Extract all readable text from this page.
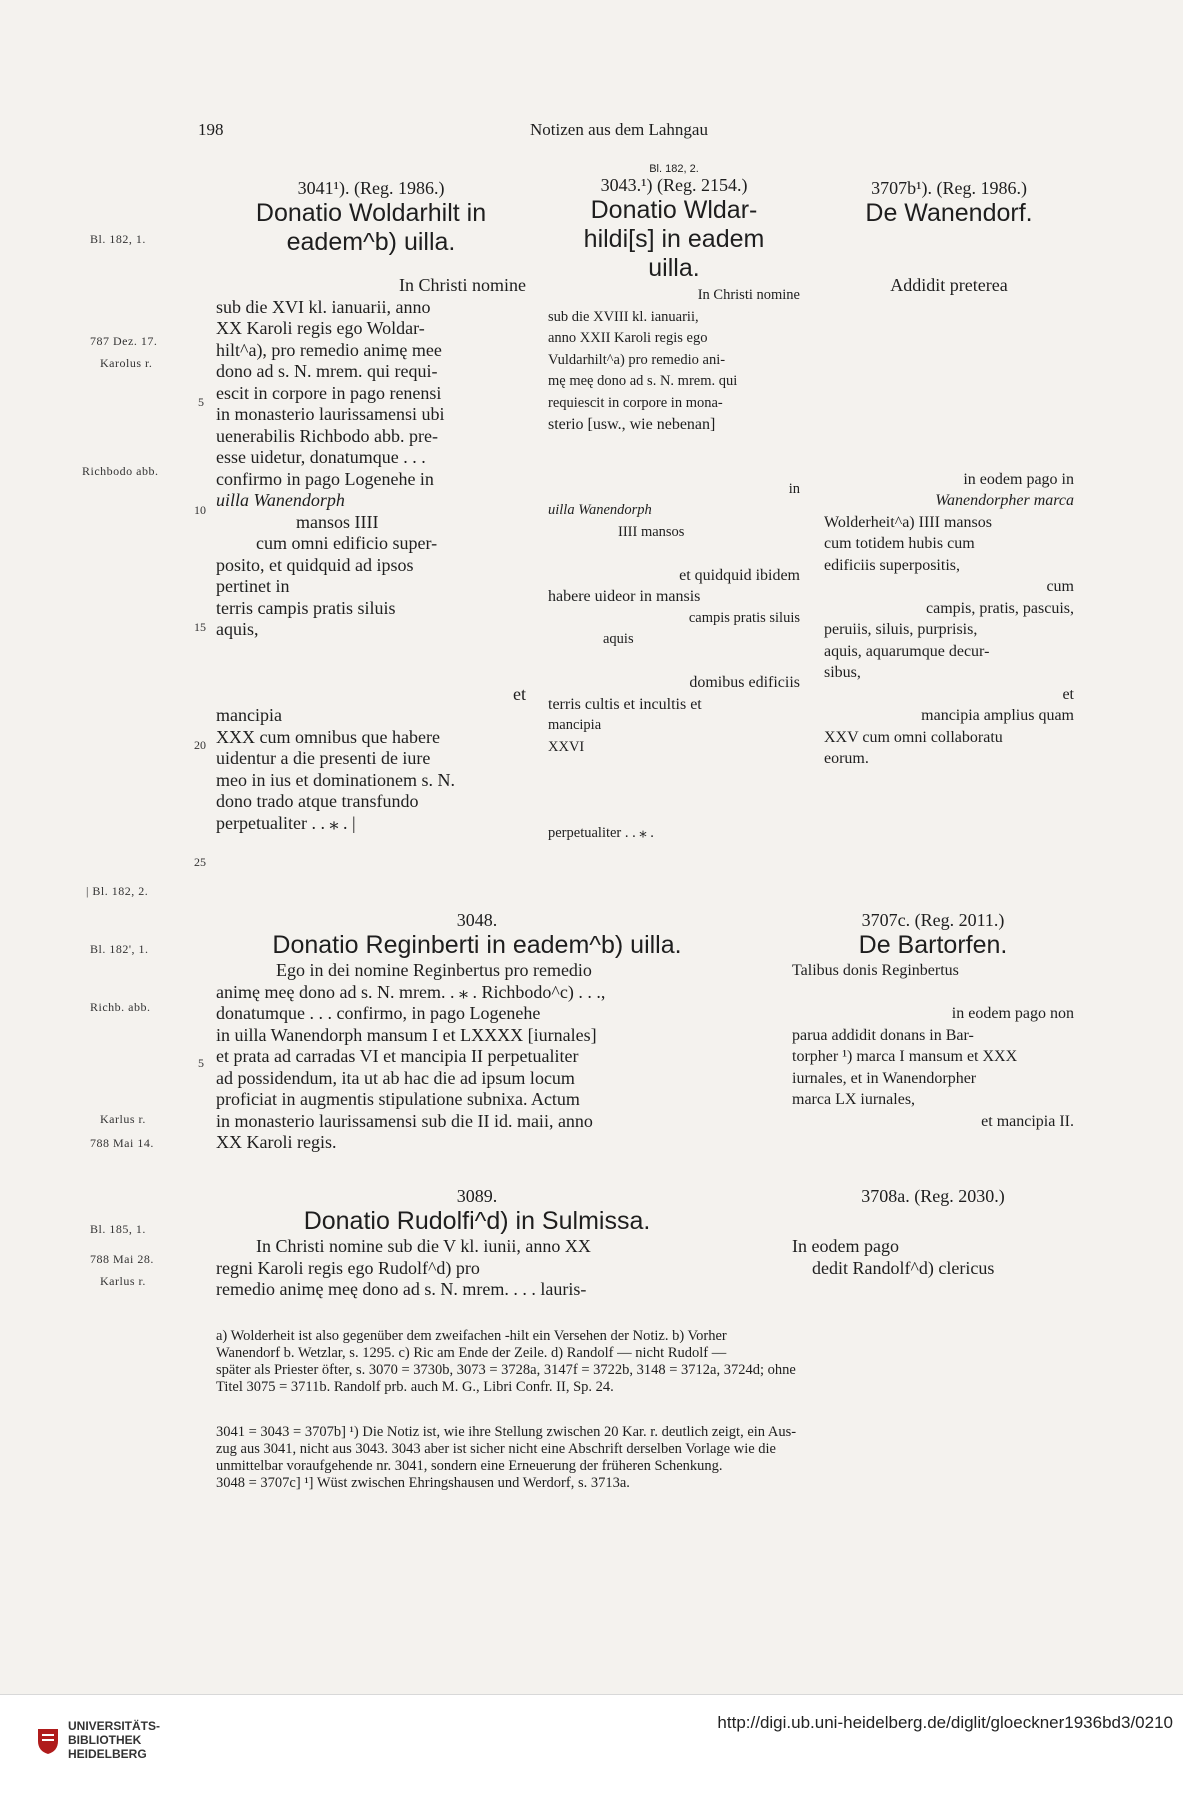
198	Notizen aus dem Lahngau
Bl. 182, 1.
787 Dez. 17.
Karolus r.
Richbodo abb.
| Bl. 182, 2.
Bl. 182', 1.
Richb. abb.
Karlus r.
788 Mai 14.
Bl. 185, 1.
788 Mai 28.
Karlus r.
3041¹). (Reg. 1986.)
Donatio Woldarhilt in
eadem^b) uilla.
In Christi nomine
sub die XVI kl. ianuarii, anno
XX Karoli regis ego Woldar-
hilt^a), pro remedio animę mee
dono ad s. N. mrem. qui requi-
escit in corpore in pago renensi
in monasterio laurissamensi ubi
uenerabilis Richbodo abb. pre-
esse uidetur, donatumque . . .
confirmo in pago Logenehe in
uilla Wanendorph
mansos IIII
cum omni edificio super-
posito, et quidquid ad ipsos
pertinet in
terris campis pratis siluis
aquis,
et
mancipia
XXX cum omnibus que habere
uidentur a die presenti de iure
meo in ius et dominationem s. N.
dono trado atque transfundo
perpetualiter . . ⁎ . |
5
10
15
20
25
Bl. 182, 2.
3043.¹) (Reg. 2154.)
Donatio Wldar-
hildi[s] in eadem
uilla.
In Christi nomine
sub die XVIII kl. ianuarii,
anno XXII Karoli regis ego
Vuldarhilt^a) pro remedio ani-
mę meę dono ad s. N. mrem. qui
requiescit in corpore in mona-
sterio [usw., wie nebenan]
in
uilla Wanendorph
IIII mansos
et quidquid ibidem
habere uideor in mansis
campis pratis siluis
aquis
domibus edificiis
terris cultis et incultis et
mancipia
XXVI
perpetualiter . . ⁎ .
3707b¹). (Reg. 1986.)
De Wanendorf.
Addidit preterea
in eodem pago in
Wanendorpher marca
Wolderheit^a) IIII mansos
cum totidem hubis cum
edificiis superpositis,
cum
campis, pratis, pascuis,
peruiis, siluis, purprisis,
aquis, aquarumque decur-
sibus,
et
mancipia amplius quam
XXV cum omni collaboratu
eorum.
3048.
Donatio Reginberti in eadem^b) uilla.
Ego in dei nomine Reginbertus pro remedio
animę meę dono ad s. N. mrem. . ⁎ . Richbodo^c) . . .,
donatumque . . . confirmo, in pago Logenehe
in uilla Wanendorph mansum I et LXXXX [iurnales]
et prata ad carradas VI et mancipia II perpetualiter
ad possidendum, ita ut ab hac die ad ipsum locum
proficiat in augmentis stipulatione subnixa. Actum
in monasterio laurissamensi sub die II id. maii, anno
XX Karoli regis.
5
3707c. (Reg. 2011.)
De Bartorfen.
Talibus donis Reginbertus
in eodem pago non
parua addidit donans in Bar-
torpher ¹) marca I mansum et XXX
iurnales, et in Wanendorpher
marca LX iurnales,
et mancipia II.
3089.
Donatio Rudolfi^d) in Sulmissa.
In Christi nomine sub die V kl. iunii, anno XX
regni Karoli regis ego Rudolf^d) pro
remedio animę meę dono ad s. N. mrem. . . . lauris-
3708a. (Reg. 2030.)
In eodem pago
dedit Randolf^d) clericus
a) Wolderheit ist also gegenüber dem zweifachen -hilt ein Versehen der Notiz. b) Vorher
Wanendorf b. Wetzlar, s. 1295. c) Ric am Ende der Zeile. d) Randolf — nicht Rudolf —
später als Priester öfter, s. 3070 = 3730b, 3073 = 3728a, 3147f = 3722b, 3148 = 3712a, 3724d; ohne
Titel 3075 = 3711b. Randolf prb. auch M. G., Libri Confr. II, Sp. 24.
3041 = 3043 = 3707b] ¹) Die Notiz ist, wie ihre Stellung zwischen 20 Kar. r. deutlich zeigt, ein Aus-
zug aus 3041, nicht aus 3043. 3043 aber ist sicher nicht eine Abschrift derselben Vorlage wie die
unmittelbar voraufgehende nr. 3041, sondern eine Erneuerung der früheren Schenkung.
3048 = 3707c] ¹] Wüst zwischen Ehringshausen und Werdorf, s. 3713a.
UNIVERSITÄTS-
BIBLIOTHEK
HEIDELBERG
http://digi.ub.uni-heidelberg.de/diglit/gloeckner1936bd3/0210
